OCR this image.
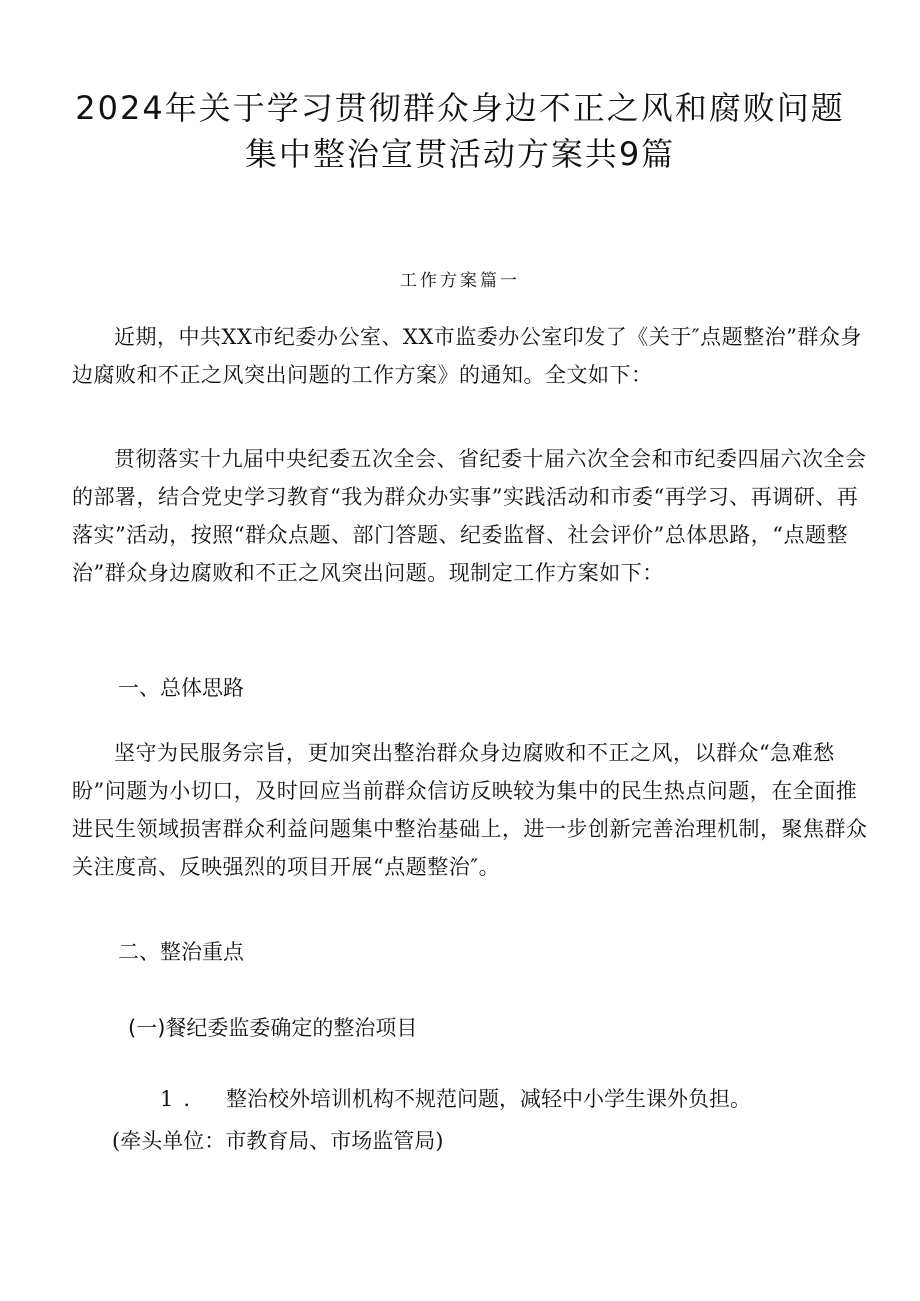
2024年关于学习贯彻群众身边不正之风和腐败问题
集中整治宣贯活动方案共9篇
工作方案篇一

近期，中共XX市纪委办公室、XX市监委办公室印发了《关于″点题整治”群众身边腐败和不正之风突出问题的工作方案》的通知。全文如下：

贯彻落实十九届中央纪委五次全会、省纪委十届六次全会和市纪委四届六次全会的部署，结合党史学习教育“我为群众办实事”实践活动和市委“再学习、再调研、再落实”活动，按照“群众点题、部门答题、纪委监督、社会评价”总体思路，“点题整治”群众身边腐败和不正之风突出问题。现制定工作方案如下：

一、总体思路

坚守为民服务宗旨，更加突出整治群众身边腐败和不正之风，以群众“急难愁盼”问题为小切口，及时回应当前群众信访反映较为集中的民生热点问题，在全面推进民生领域损害群众利益问题集中整治基础上，进一步创新完善治理机制，聚焦群众关注度高、反映强烈的项目开展“点题整治″。

二、整治重点
(一)餐纪委监委确定的整治项目
1. 整治校外培训机构不规范问题，减轻中小学生课外负担。
(牵头单位：市教育局、市场监管局)
